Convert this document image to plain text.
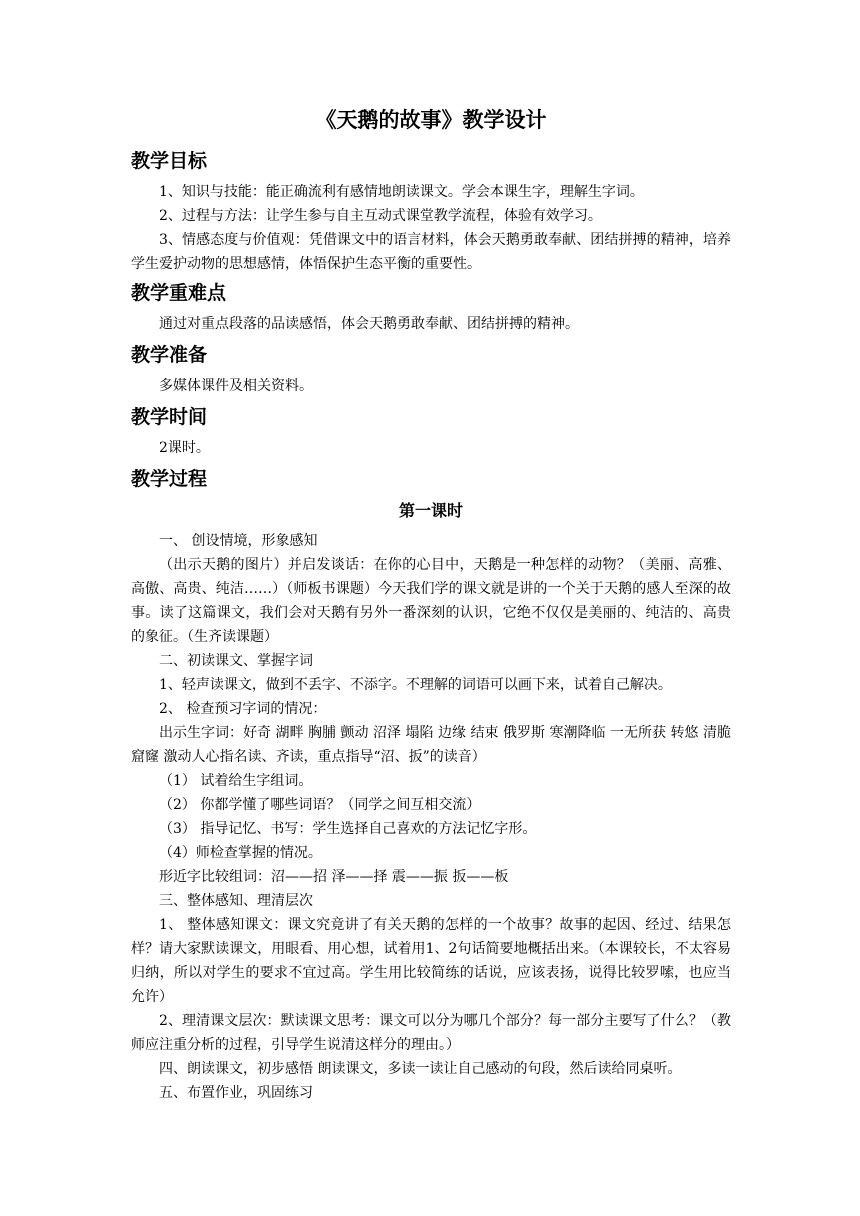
《天鹅的故事》教学设计
教学目标

1、知识与技能：能正确流利有感情地朗读课文。学会本课生字，理解生字词。

2、过程与方法：让学生参与自主互动式课堂教学流程，体验有效学习。

3、情感态度与价值观：凭借课文中的语言材料，体会天鹅勇敢奉献、团结拼搏的精神，培养学生爱护动物的思想感情，体悟保护生态平衡的重要性。

教学重难点

通过对重点段落的品读感悟，体会天鹅勇敢奉献、团结拼搏的精神。

教学准备

多媒体课件及相关资料。

教学时间

2课时。

教学过程
第一课时

一、 创设情境，形象感知

（出示天鹅的图片）并启发谈话：在你的心目中，天鹅是一种怎样的动物？（美丽、高雅、高傲、高贵、纯洁……）（师板书课题）今天我们学的课文就是讲的一个关于天鹅的感人至深的故事。读了这篇课文，我们会对天鹅有另外一番深刻的认识，它绝不仅仅是美丽的、纯洁的、高贵的象征。（生齐读课题）

二、初读课文、掌握字词

1、轻声读课文，做到不丢字、不添字。不理解的词语可以画下来，试着自己解决。

2、 检查预习字词的情况：

出示生字词：好奇 湖畔 胸脯 颤动 沼泽 塌陷 边缘 结束 俄罗斯 寒潮降临 一无所获 转悠 清脆 窟窿 激动人心指名读、齐读，重点指导“沼、扳”的读音）

（1） 试着给生字组词。

（2） 你都学懂了哪些词语？（同学之间互相交流）

（3） 指导记忆、书写：学生选择自己喜欢的方法记忆字形。

（4）师检查掌握的情况。

形近字比较组词：沼——招 泽——择 震——振 扳——板

三、整体感知、理清层次

1、 整体感知课文：课文究竟讲了有关天鹅的怎样的一个故事？故事的起因、经过、结果怎样？请大家默读课文，用眼看、用心想，试着用1、2句话简要地概括出来。（本课较长，不太容易归纳，所以对学生的要求不宜过高。学生用比较简练的话说，应该表扬，说得比较罗嗦，也应当允许）

2、理清课文层次：默读课文思考：课文可以分为哪几个部分？每一部分主要写了什么？（教师应注重分析的过程，引导学生说清这样分的理由。）

四、朗读课文，初步感悟 朗读课文，多读一读让自己感动的句段，然后读给同桌听。

五、布置作业，巩固练习
